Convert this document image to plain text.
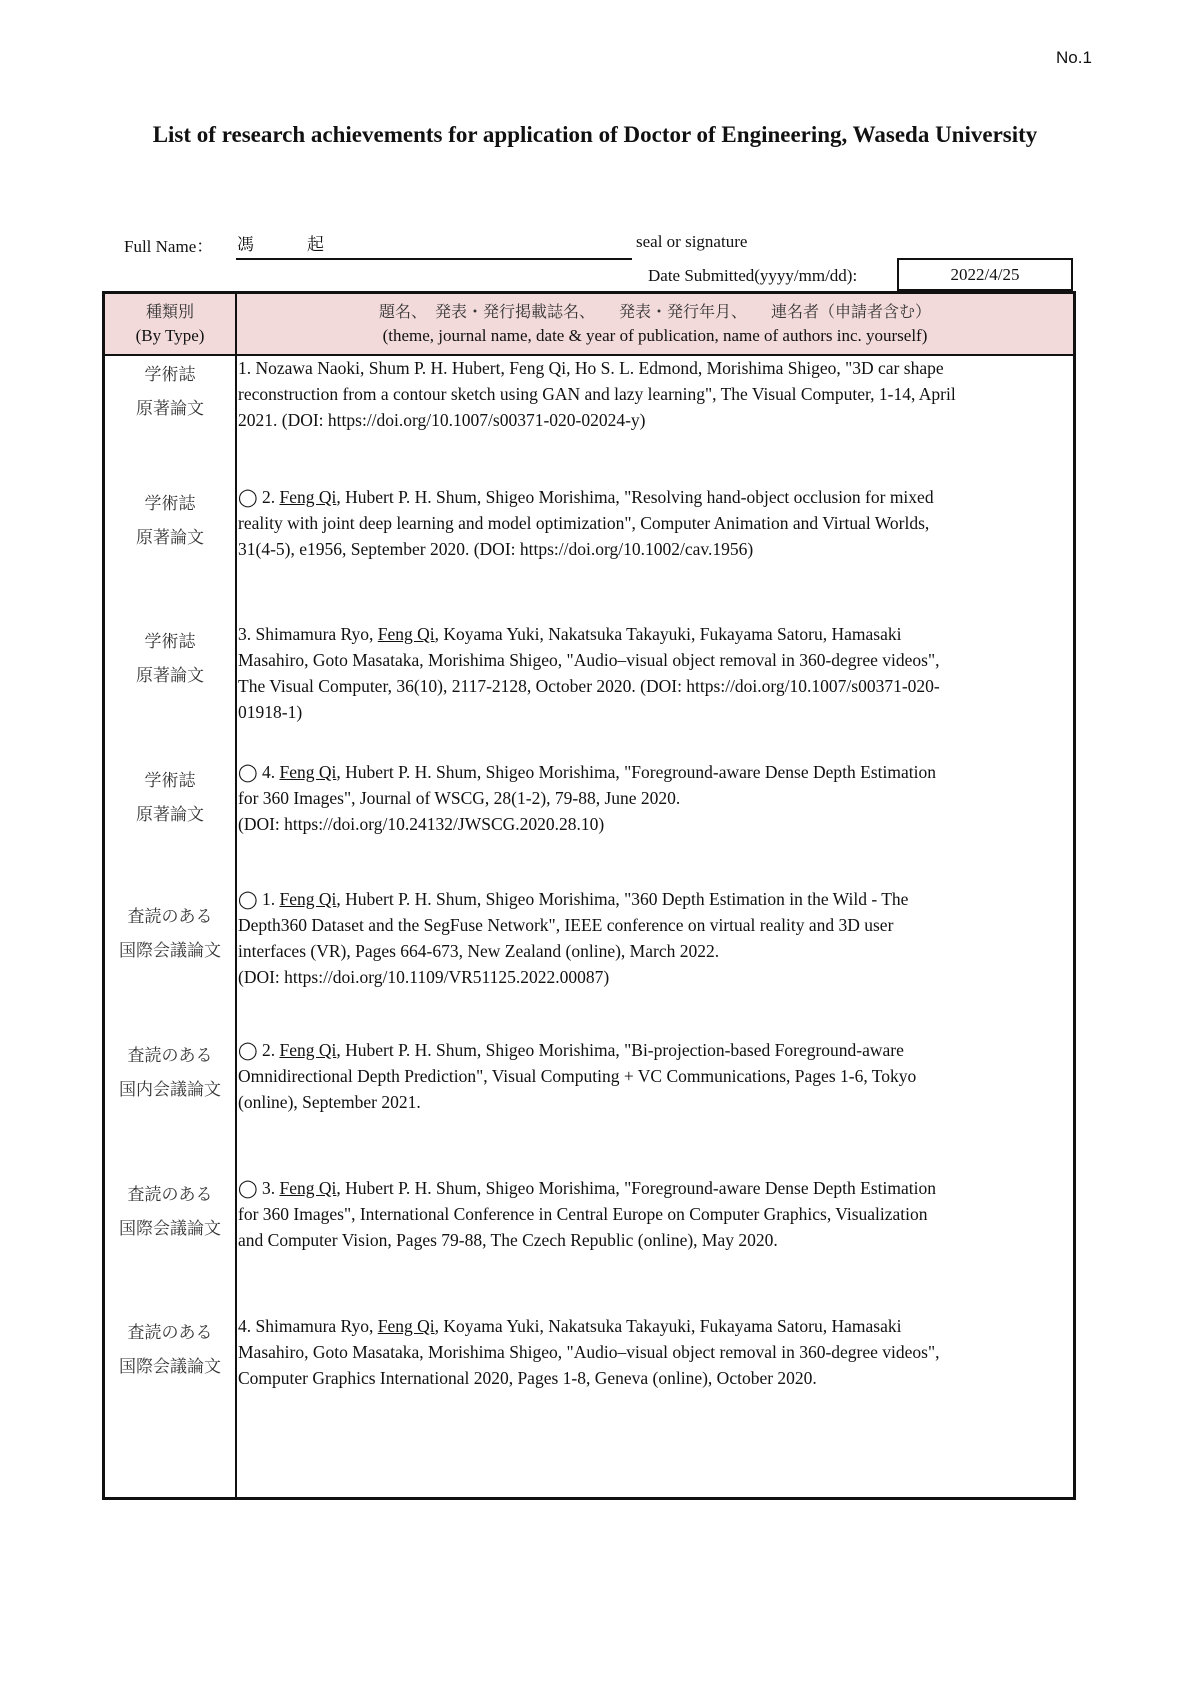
No.1
List of research achievements for application of Doctor of Engineering, Waseda University
Full Name： 馮　起	seal or signature
Date Submitted(yyyy/mm/dd):	2022/4/25
種類別
(By Type)
題名、　発表・発行掲載誌名、　　発表・発行年月、　　連名者（申請者含む）
(theme, journal name, date & year of publication, name of authors inc. yourself)
学術誌
原著論文
1. Nozawa Naoki, Shum P. H. Hubert, Feng Qi, Ho S. L. Edmond, Morishima Shigeo, "3D car shape
reconstruction from a contour sketch using GAN and lazy learning", The Visual Computer, 1-14, April
2021. (DOI: https://doi.org/10.1007/s00371-020-02024-y)
学術誌
原著論文
◯ 2. Feng Qi, Hubert P. H. Shum, Shigeo Morishima, "Resolving hand-object occlusion for mixed
reality with joint deep learning and model optimization", Computer Animation and Virtual Worlds,
31(4-5), e1956, September 2020. (DOI: https://doi.org/10.1002/cav.1956)
学術誌
原著論文
3. Shimamura Ryo, Feng Qi, Koyama Yuki, Nakatsuka Takayuki, Fukayama Satoru, Hamasaki
Masahiro, Goto Masataka, Morishima Shigeo, "Audio–visual object removal in 360-degree videos",
The Visual Computer, 36(10), 2117-2128, October 2020. (DOI: https://doi.org/10.1007/s00371-020-
01918-1)
学術誌
原著論文
◯ 4. Feng Qi, Hubert P. H. Shum, Shigeo Morishima, "Foreground-aware Dense Depth Estimation
for 360 Images", Journal of WSCG, 28(1-2), 79-88, June 2020.
(DOI: https://doi.org/10.24132/JWSCG.2020.28.10)
査読のある
国際会議論文
◯ 1. Feng Qi, Hubert P. H. Shum, Shigeo Morishima, "360 Depth Estimation in the Wild - The
Depth360 Dataset and the SegFuse Network", IEEE conference on virtual reality and 3D user
interfaces (VR), Pages 664-673, New Zealand (online), March 2022.
(DOI: https://doi.org/10.1109/VR51125.2022.00087)
査読のある
国内会議論文
◯ 2. Feng Qi, Hubert P. H. Shum, Shigeo Morishima, "Bi-projection-based Foreground-aware
Omnidirectional Depth Prediction", Visual Computing + VC Communications, Pages 1-6, Tokyo
(online), September 2021.
査読のある
国際会議論文
◯ 3. Feng Qi, Hubert P. H. Shum, Shigeo Morishima, "Foreground-aware Dense Depth Estimation
for 360 Images", International Conference in Central Europe on Computer Graphics, Visualization
and Computer Vision, Pages 79-88, The Czech Republic (online), May 2020.
査読のある
国際会議論文
4. Shimamura Ryo, Feng Qi, Koyama Yuki, Nakatsuka Takayuki, Fukayama Satoru, Hamasaki
Masahiro, Goto Masataka, Morishima Shigeo, "Audio–visual object removal in 360-degree videos",
Computer Graphics International 2020, Pages 1-8, Geneva (online), October 2020.
